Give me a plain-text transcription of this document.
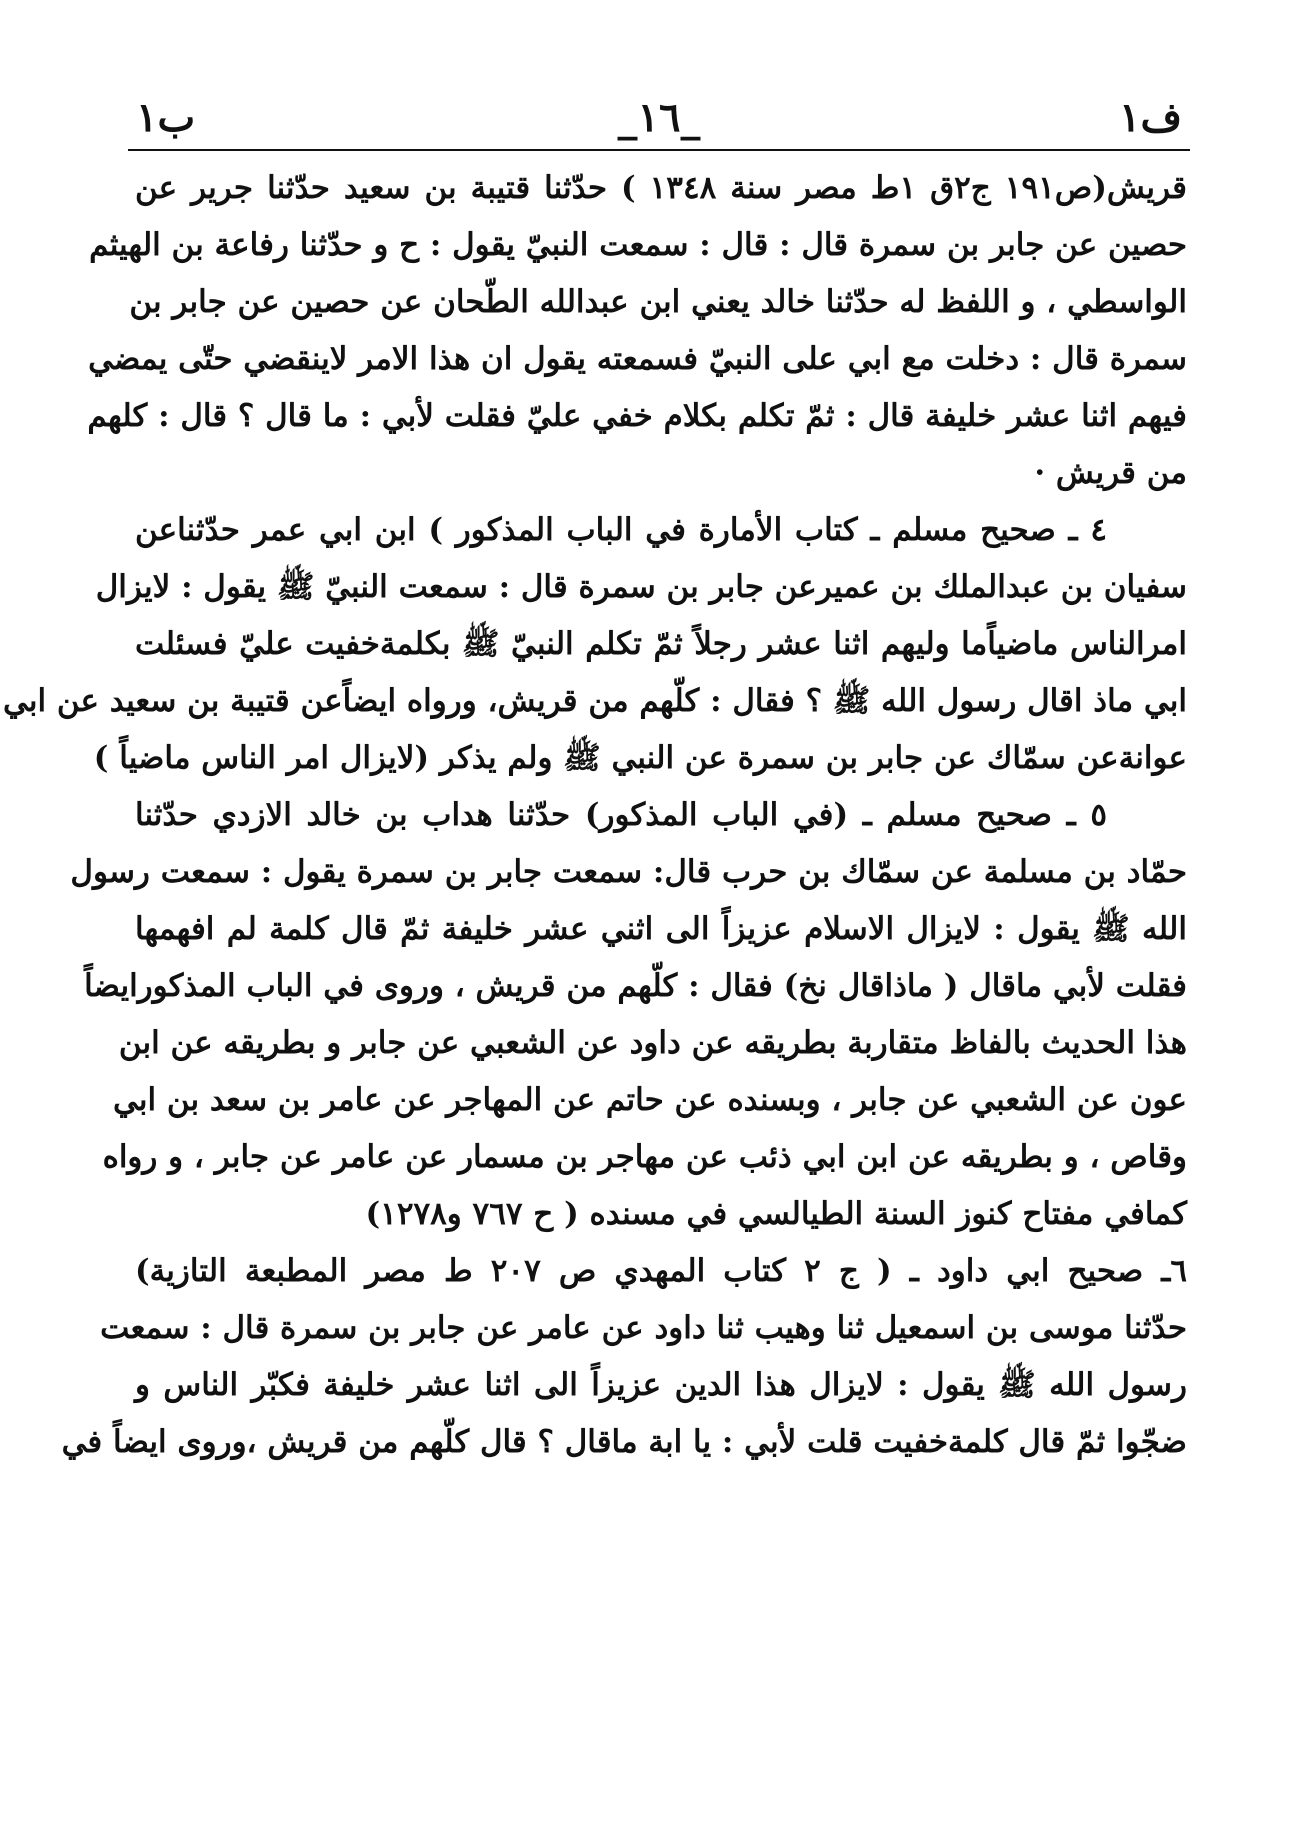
ب١	_١٦_	ف١
قريش(ص١٩١ ج٢ق ١ط مصر سنة ١٣٤٨ ) حدّثنا قتيبة بن سعيد حدّثنا جرير عن
حصين عن جابر بن سمرة قال : قال : سمعت النبيّ يقول : ح و حدّثنا رفاعة بن الهيثم
الواسطي ، و اللفظ له حدّثنا خالد يعني ابن عبدالله الطّحان عن حصين عن جابر بن
سمرة قال : دخلت مع ابي على النبيّ فسمعته يقول ان هذا الامر لاينقضي حتّى يمضي
فيهم اثنا عشر خليفة قال : ثمّ تكلم بكلام خفي عليّ فقلت لأبي : ما قال ؟ قال : كلهم
من قريش ·
٤ ـ صحيح مسلم ـ كتاب الأمارة في الباب المذكور ) ابن ابي عمر حدّثناعن
سفيان بن عبدالملك بن عميرعن جابر بن سمرة قال : سمعت النبيّ ﷺ يقول : لايزال
امرالناس ماضياًما وليهم اثنا عشر رجلاً ثمّ تكلم النبيّ ﷺ بكلمةخفيت عليّ فسئلت
ابي ماذ اقال رسول الله ﷺ ؟ فقال : كلّهم من قريش، ورواه ايضاًعن قتيبة بن سعيد عن ابي
عوانةعن سمّاك عن جابر بن سمرة عن النبي ﷺ ولم يذكر (لايزال امر الناس ماضياً )
٥ ـ صحيح مسلم ـ (في الباب المذكور) حدّثنا هداب بن خالد الازدي حدّثنا
حمّاد بن مسلمة عن سمّاك بن حرب قال: سمعت جابر بن سمرة يقول : سمعت رسول
الله ﷺ يقول : لايزال الاسلام عزيزاً الى اثني عشر خليفة ثمّ قال كلمة لم افهمها
فقلت لأبي ماقال ( ماذاقال نخ) فقال : كلّهم من قريش ، وروى في الباب المذكورايضاً
هذا الحديث بالفاظ متقاربة بطريقه عن داود عن الشعبي عن جابر و بطريقه عن ابن
عون عن الشعبي عن جابر ، وبسنده عن حاتم عن المهاجر عن عامر بن سعد بن ابي
وقاص ، و بطريقه عن ابن ابي ذئب عن مهاجر بن مسمار عن عامر عن جابر ، و رواه
كمافي مفتاح كنوز السنة الطيالسي في مسنده ( ح ٧٦٧ و١٢٧٨)
٦ـ صحيح ابي داود ـ ( ج ٢ كتاب المهدي ص ٢٠٧ ط مصر المطبعة التازية)
حدّثنا موسى بن اسمعيل ثنا وهيب ثنا داود عن عامر عن جابر بن سمرة قال : سمعت
رسول الله ﷺ يقول : لايزال هذا الدين عزيزاً الى اثنا عشر خليفة فكبّر الناس و
ضجّوا ثمّ قال كلمةخفيت قلت لأبي : يا ابة ماقال ؟ قال كلّهم من قريش ،وروى ايضاً في
